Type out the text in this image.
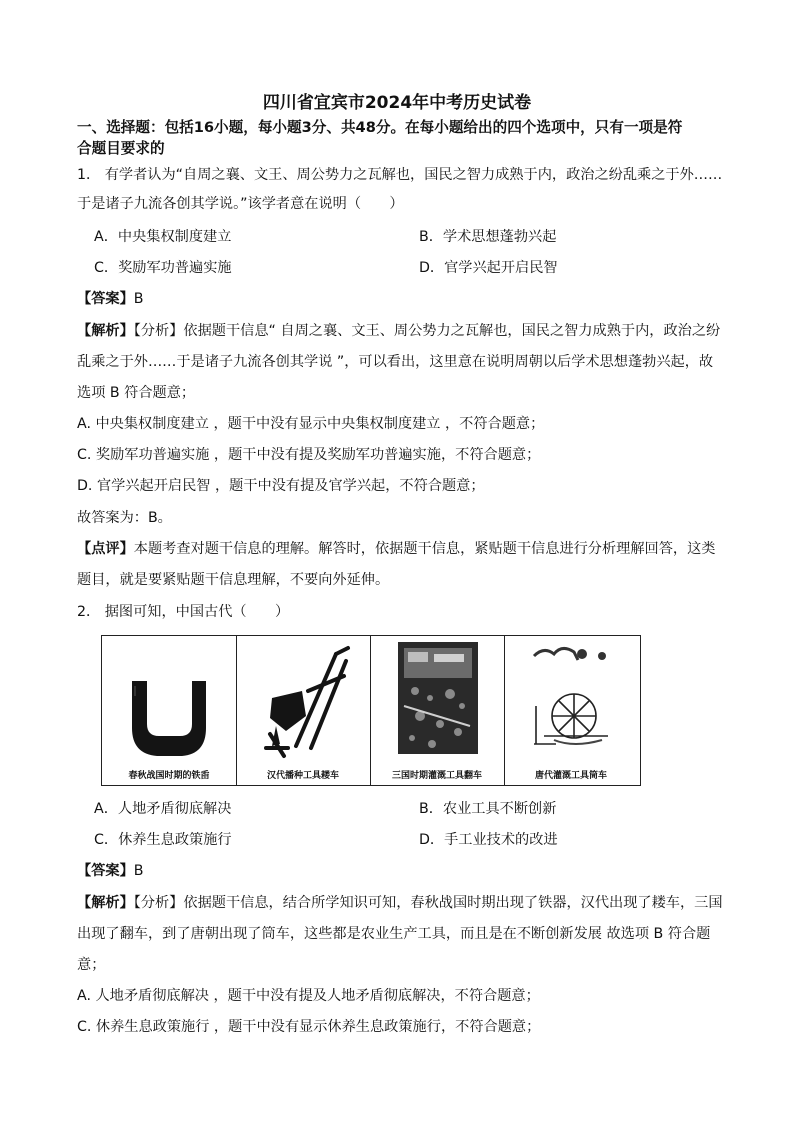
四川省宜宾市2024年中考历史试卷
一、选择题：包括16小题，每小题3分、共48分。在每小题给出的四个选项中，只有一项是符
合题目要求的
1． 有学者认为“自周之襄、文王、周公势力之瓦解也，国民之智力成熟于内，政治之纷乱乘之于外……
于是诸子九流各创其学说。”该学者意在说明（　　）
A．中央集权制度建立	B．学术思想蓬勃兴起
C．奖励军功普遍实施	D．官学兴起开启民智
【答案】B
【解析】【分析】依据题干信息“ 自周之襄、文王、周公势力之瓦解也，国民之智力成熟于内，政治之纷
乱乘之于外……于是诸子九流各创其学说 ”，可以看出，这里意在说明周朝以后学术思想蓬勃兴起，故
选项 B 符合题意；
A. 中央集权制度建立 ，题干中没有显示中央集权制度建立 ，不符合题意；
C. 奖励军功普遍实施 ，题干中没有提及奖励军功普遍实施，不符合题意；
D. 官学兴起开启民智 ，题干中没有提及官学兴起，不符合题意；
故答案为：B。
【点评】本题考查对题干信息的理解。解答时，依据题干信息，紧贴题干信息进行分析理解回答，这类
题目，就是要紧贴题干信息理解，不要向外延伸。
2． 据图可知，中国古代（　　）
春秋战国时期的铁臿	汉代播种工具耧车	三国时期灌溉工具翻车	唐代灌溉工具筒车
A．人地矛盾彻底解决	B．农业工具不断创新
C．休养生息政策施行	D．手工业技术的改进
【答案】B
【解析】【分析】依据题干信息，结合所学知识可知，春秋战国时期出现了铁器，汉代出现了耧车，三国
出现了翻车，到了唐朝出现了筒车，这些都是农业生产工具，而且是在不断创新发展 故选项 B 符合题
意；
A. 人地矛盾彻底解决 ，题干中没有提及人地矛盾彻底解决，不符合题意；
C. 休养生息政策施行 ，题干中没有显示休养生息政策施行，不符合题意；
